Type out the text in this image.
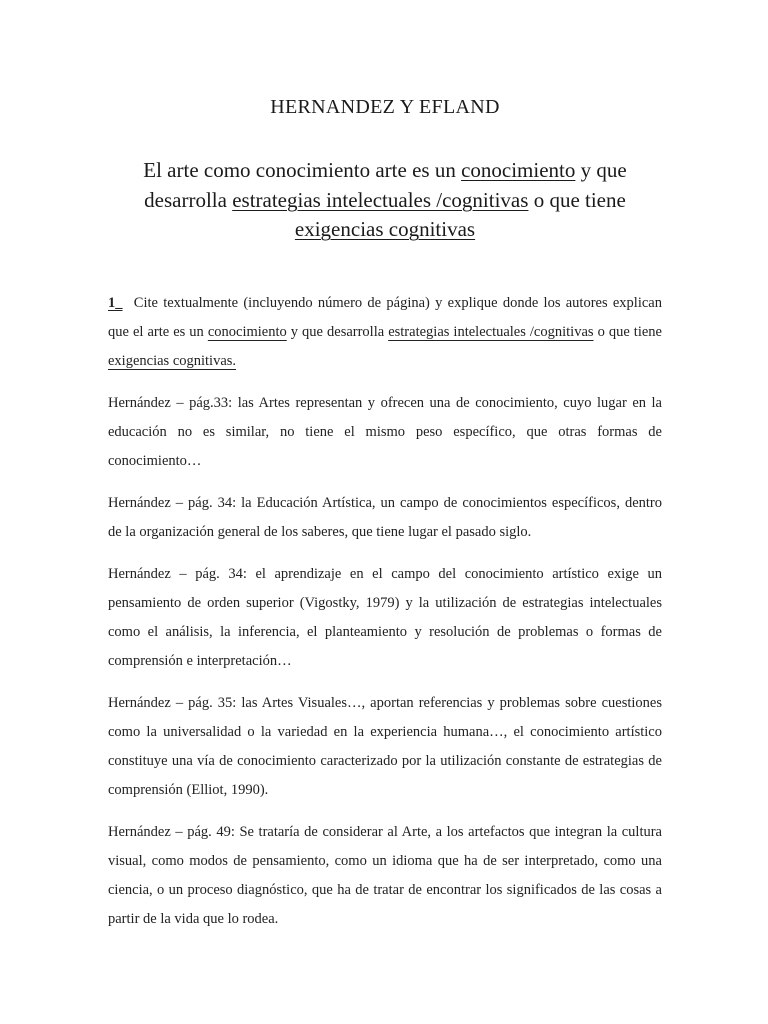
HERNANDEZ Y EFLAND
El arte como conocimiento arte es un conocimiento y que desarrolla estrategias intelectuales /cognitivas o que tiene exigencias cognitivas

1_ Cite textualmente (incluyendo número de página) y explique donde los autores explican que el arte es un conocimiento y que desarrolla estrategias intelectuales /cognitivas o que tiene exigencias cognitivas.

Hernández – pág.33: las Artes representan y ofrecen una de conocimiento, cuyo lugar en la educación no es similar, no tiene el mismo peso específico, que otras formas de conocimiento…

Hernández – pág. 34: la Educación Artística, un campo de conocimientos específicos, dentro de la organización general de los saberes, que tiene lugar el pasado siglo.

Hernández – pág. 34: el aprendizaje en el campo del conocimiento artístico exige un pensamiento de orden superior (Vigostky, 1979) y la utilización de estrategias intelectuales como el análisis, la inferencia, el planteamiento y resolución de problemas o formas de comprensión e interpretación…

Hernández – pág. 35: las Artes Visuales…, aportan referencias y problemas sobre cuestiones como la universalidad o la variedad en la experiencia humana…, el conocimiento artístico constituye una vía de conocimiento caracterizado por la utilización constante de estrategias de comprensión (Elliot, 1990).

Hernández – pág. 49: Se trataría de considerar al Arte, a los artefactos que integran la cultura visual, como modos de pensamiento, como un idioma que ha de ser interpretado, como una ciencia, o un proceso diagnóstico, que ha de tratar de encontrar los significados de las cosas a partir de la vida que lo rodea.
